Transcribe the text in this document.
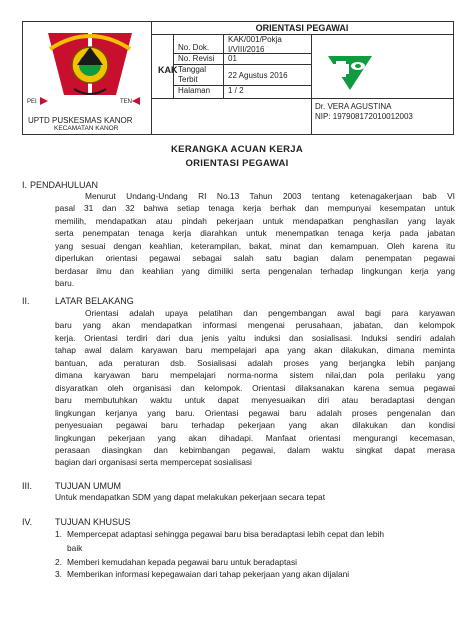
ORIENTASI PEGAWAI
No. Dok.
KAK/001/Pokja I/VIII/2016
No. Revisi 01
Tanggal Terbit	22 Agustus 2016
Halaman 1 / 2
Dr. VERA AGUSTINA
NIP: 197908172010012003
KAK
PEI	TEN
UPTD PUSKESMAS KANOR
KECAMATAN KANOR
KERANGKA ACUAN KERJA
ORIENTASI PEGAWAI
I. PENDAHULUAN
Menurut Undang-Undang RI No.13 Tahun 2003 tentang ketenagakerjaan bab VI
pasal 31 dan 32 bahwa setiap tenaga kerja berhak dan mempunyai kesempatan untuk
memilih, mendapatkan atau pindah pekerjaan untuk mendapatkan penghasilan yang layak
serta penempatan tenaga kerja diarahkan untuk menempatkan tenaga kerja pada jabatan
yang sesuai dengan keahlian, keterampilan, bakat, minat dan kemampuan. Oleh karena itu
diperlukan orientasi pegawai sebagai salah satu bagian dalam penempatan pegawai
berdasar ilmu dan keahlian yang dimiliki serta pengenalan terhadap lingkungan kerja yang
baru.
II.	LATAR BELAKANG
Orientasi adalah upaya pelatihan dan pengembangan awal bagi para karyawan
baru yang akan mendapatkan informasi mengenai perusahaan, jabatan, dan kelompok
kerja. Orientasi terdiri dari dua jenis yaitu induksi dan sosialisasi. Induksi sendiri adalah
tahap awal dalam karyawan baru mempelajari apa yang akan dilakukan, dimana meminta
bantuan, ada peraturan dsb. Sosialisasi adalah proses yang berjangka lebih panjang
dimana karyawan baru mempelajari norma-norma sistem nilai,dan pola perilaku yang
disyaratkan oleh organisasi dan kelompok. Orientasi dilaksanakan karena semua pegawai
baru membutuhkan waktu untuk dapat menyesuaikan diri atau beradaptasi dengan
lingkungan kerjanya yang baru. Orientasi pegawai baru adalah proses pengenalan dan
penyesuaian pegawai baru terhadap pekerjaan yang akan dilakukan dan kondisi
lingkungan pekerjaan yang akan dihadapi. Manfaat orientasi mengurangi kecemasan,
perasaan diasingkan dan kebimbangan pegawai, dalam waktu singkat dapat merasa
bagian dari organisasi serta mempercepat sosialisasi
III.	TUJUAN UMUM
Untuk mendapatkan SDM yang dapat melakukan pekerjaan secara tepat
IV.	TUJUAN KHUSUS
1. Mempercepat adaptasi sehingga pegawai baru bisa beradaptasi lebih cepat dan lebih
baik
2. Memberi kemudahan kepada pegawai baru untuk beradaptasi
3. Memberikan informasi kepegawaian dari tahap pekerjaan yang akan dijalani
